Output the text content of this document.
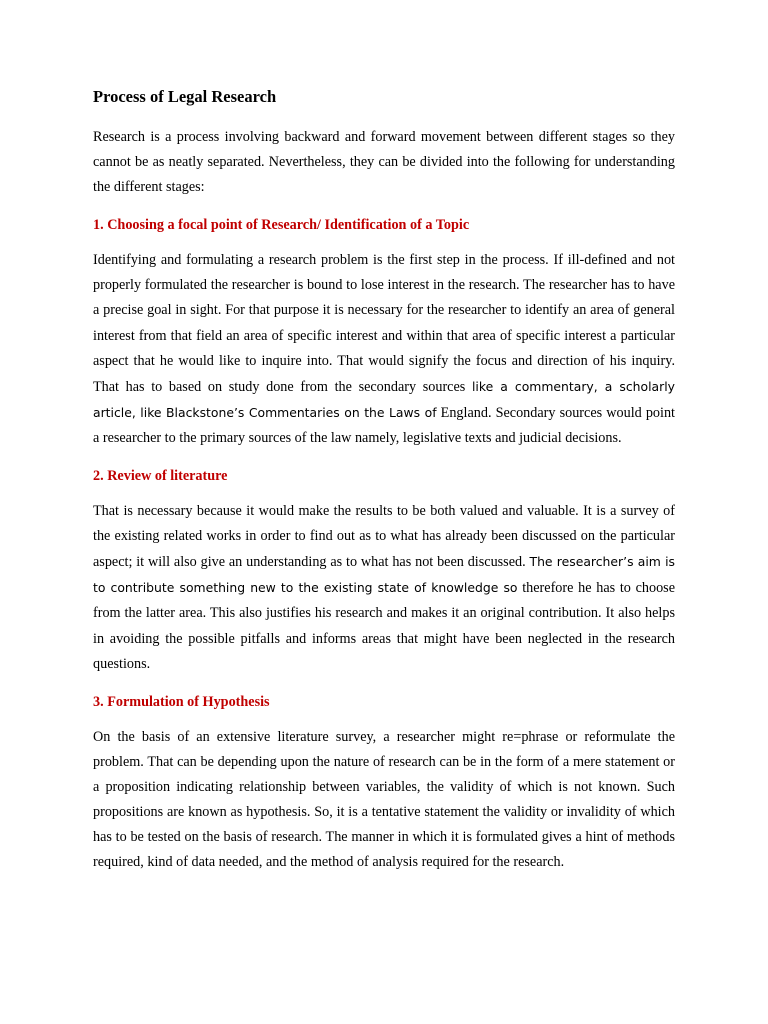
Process of Legal Research

Research is a process involving backward and forward movement between different stages so they cannot be as neatly separated. Nevertheless, they can be divided into the following for understanding the different stages:

1. Choosing a focal point of Research/ Identification of a Topic

Identifying and formulating a research problem is the first step in the process. If ill-defined and not properly formulated the researcher is bound to lose interest in the research. The researcher has to have a precise goal in sight. For that purpose it is necessary for the researcher to identify an area of general interest from that field an area of specific interest and within that area of specific interest a particular aspect that he would like to inquire into. That would signify the focus and direction of his inquiry. That has to based on study done from the secondary sources like a commentary, a scholarly article, like Blackstone’s Commentaries on the Laws of England. Secondary sources would point a researcher to the primary sources of the law namely, legislative texts and judicial decisions.

2. Review of literature

That is necessary because it would make the results to be both valued and valuable. It is a survey of the existing related works in order to find out as to what has already been discussed on the particular aspect; it will also give an understanding as to what has not been discussed. The researcher’s aim is to contribute something new to the existing state of knowledge so therefore he has to choose from the latter area. This also justifies his research and makes it an original contribution. It also helps in avoiding the possible pitfalls and informs areas that might have been neglected in the research questions.

3. Formulation of Hypothesis

On the basis of an extensive literature survey, a researcher might re=phrase or reformulate the problem. That can be depending upon the nature of research can be in the form of a mere statement or a proposition indicating relationship between variables, the validity of which is not known. Such propositions are known as hypothesis. So, it is a tentative statement the validity or invalidity of which has to be tested on the basis of research. The manner in which it is formulated gives a hint of methods required, kind of data needed, and the method of analysis required for the research.
